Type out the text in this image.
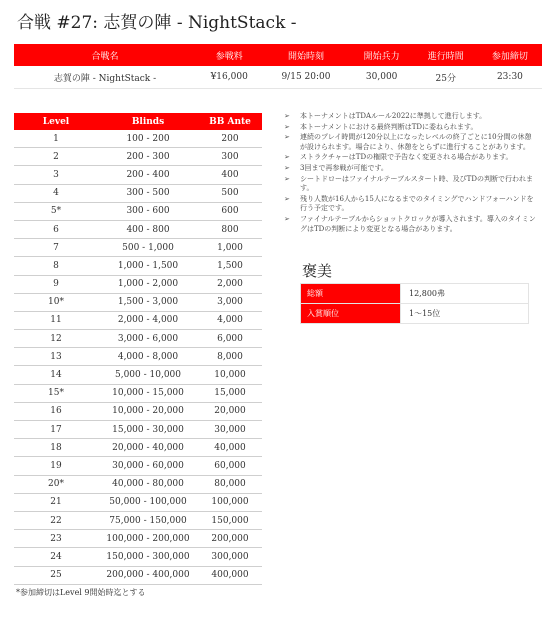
合戦 #27: 志賀の陣 - NightStack -
合戦名	参戦料	開始時刻	開始兵力	進行時間	参加締切
志賀の陣 - NightStack -	¥16,000	9/15 20:00	30,000	25分	23:30
Level	Blinds	BB Ante
1	100 - 200	200
2	200 - 300	300
3	200 - 400	400
4	300 - 500	500
5*	300 - 600	600
6	400 - 800	800
7	500 - 1,000	1,000
8	1,000 - 1,500	1,500
9	1,000 - 2,000	2,000
10*	1,500 - 3,000	3,000
11	2,000 - 4,000	4,000
12	3,000 - 6,000	6,000
13	4,000 - 8,000	8,000
14	5,000 - 10,000	10,000
15*	10,000 - 15,000	15,000
16	10,000 - 20,000	20,000
17	15,000 - 30,000	30,000
18	20,000 - 40,000	40,000
19	30,000 - 60,000	60,000
20*	40,000 - 80,000	80,000
21	50,000 - 100,000	100,000
22	75,000 - 150,000	150,000
23	100,000 - 200,000	200,000
24	150,000 - 300,000	300,000
25	200,000 - 400,000	400,000
*参加締切はLevel 9開始時迄とする
➢ 本トーナメントはTDAルール2022に準拠して進行します。
➢ 本トーナメントにおける最終判断はTDに委ねられます。
➢ 連続のプレイ時間が120分以上になったレベルの終了ごとに10分間の休憩が設けられます。場合により、休憩をとらずに進行することがあります。
➢ ストラクチャーはTDの権限で予告なく変更される場合があります。
➢ 3回まで再参戦が可能です。
➢ シートドローはファイナルテーブルスタート時、及びTDの判断で行われます。
➢ 残り人数が16人から15人になるまでのタイミングでハンドフォーハンドを行う予定です。
➢ ファイナルテーブルからショットクロックが導入されます。導入のタイミングはTDの判断により変更となる場合があります。
褒美
総額	12,800弗
入賞順位	1～15位
